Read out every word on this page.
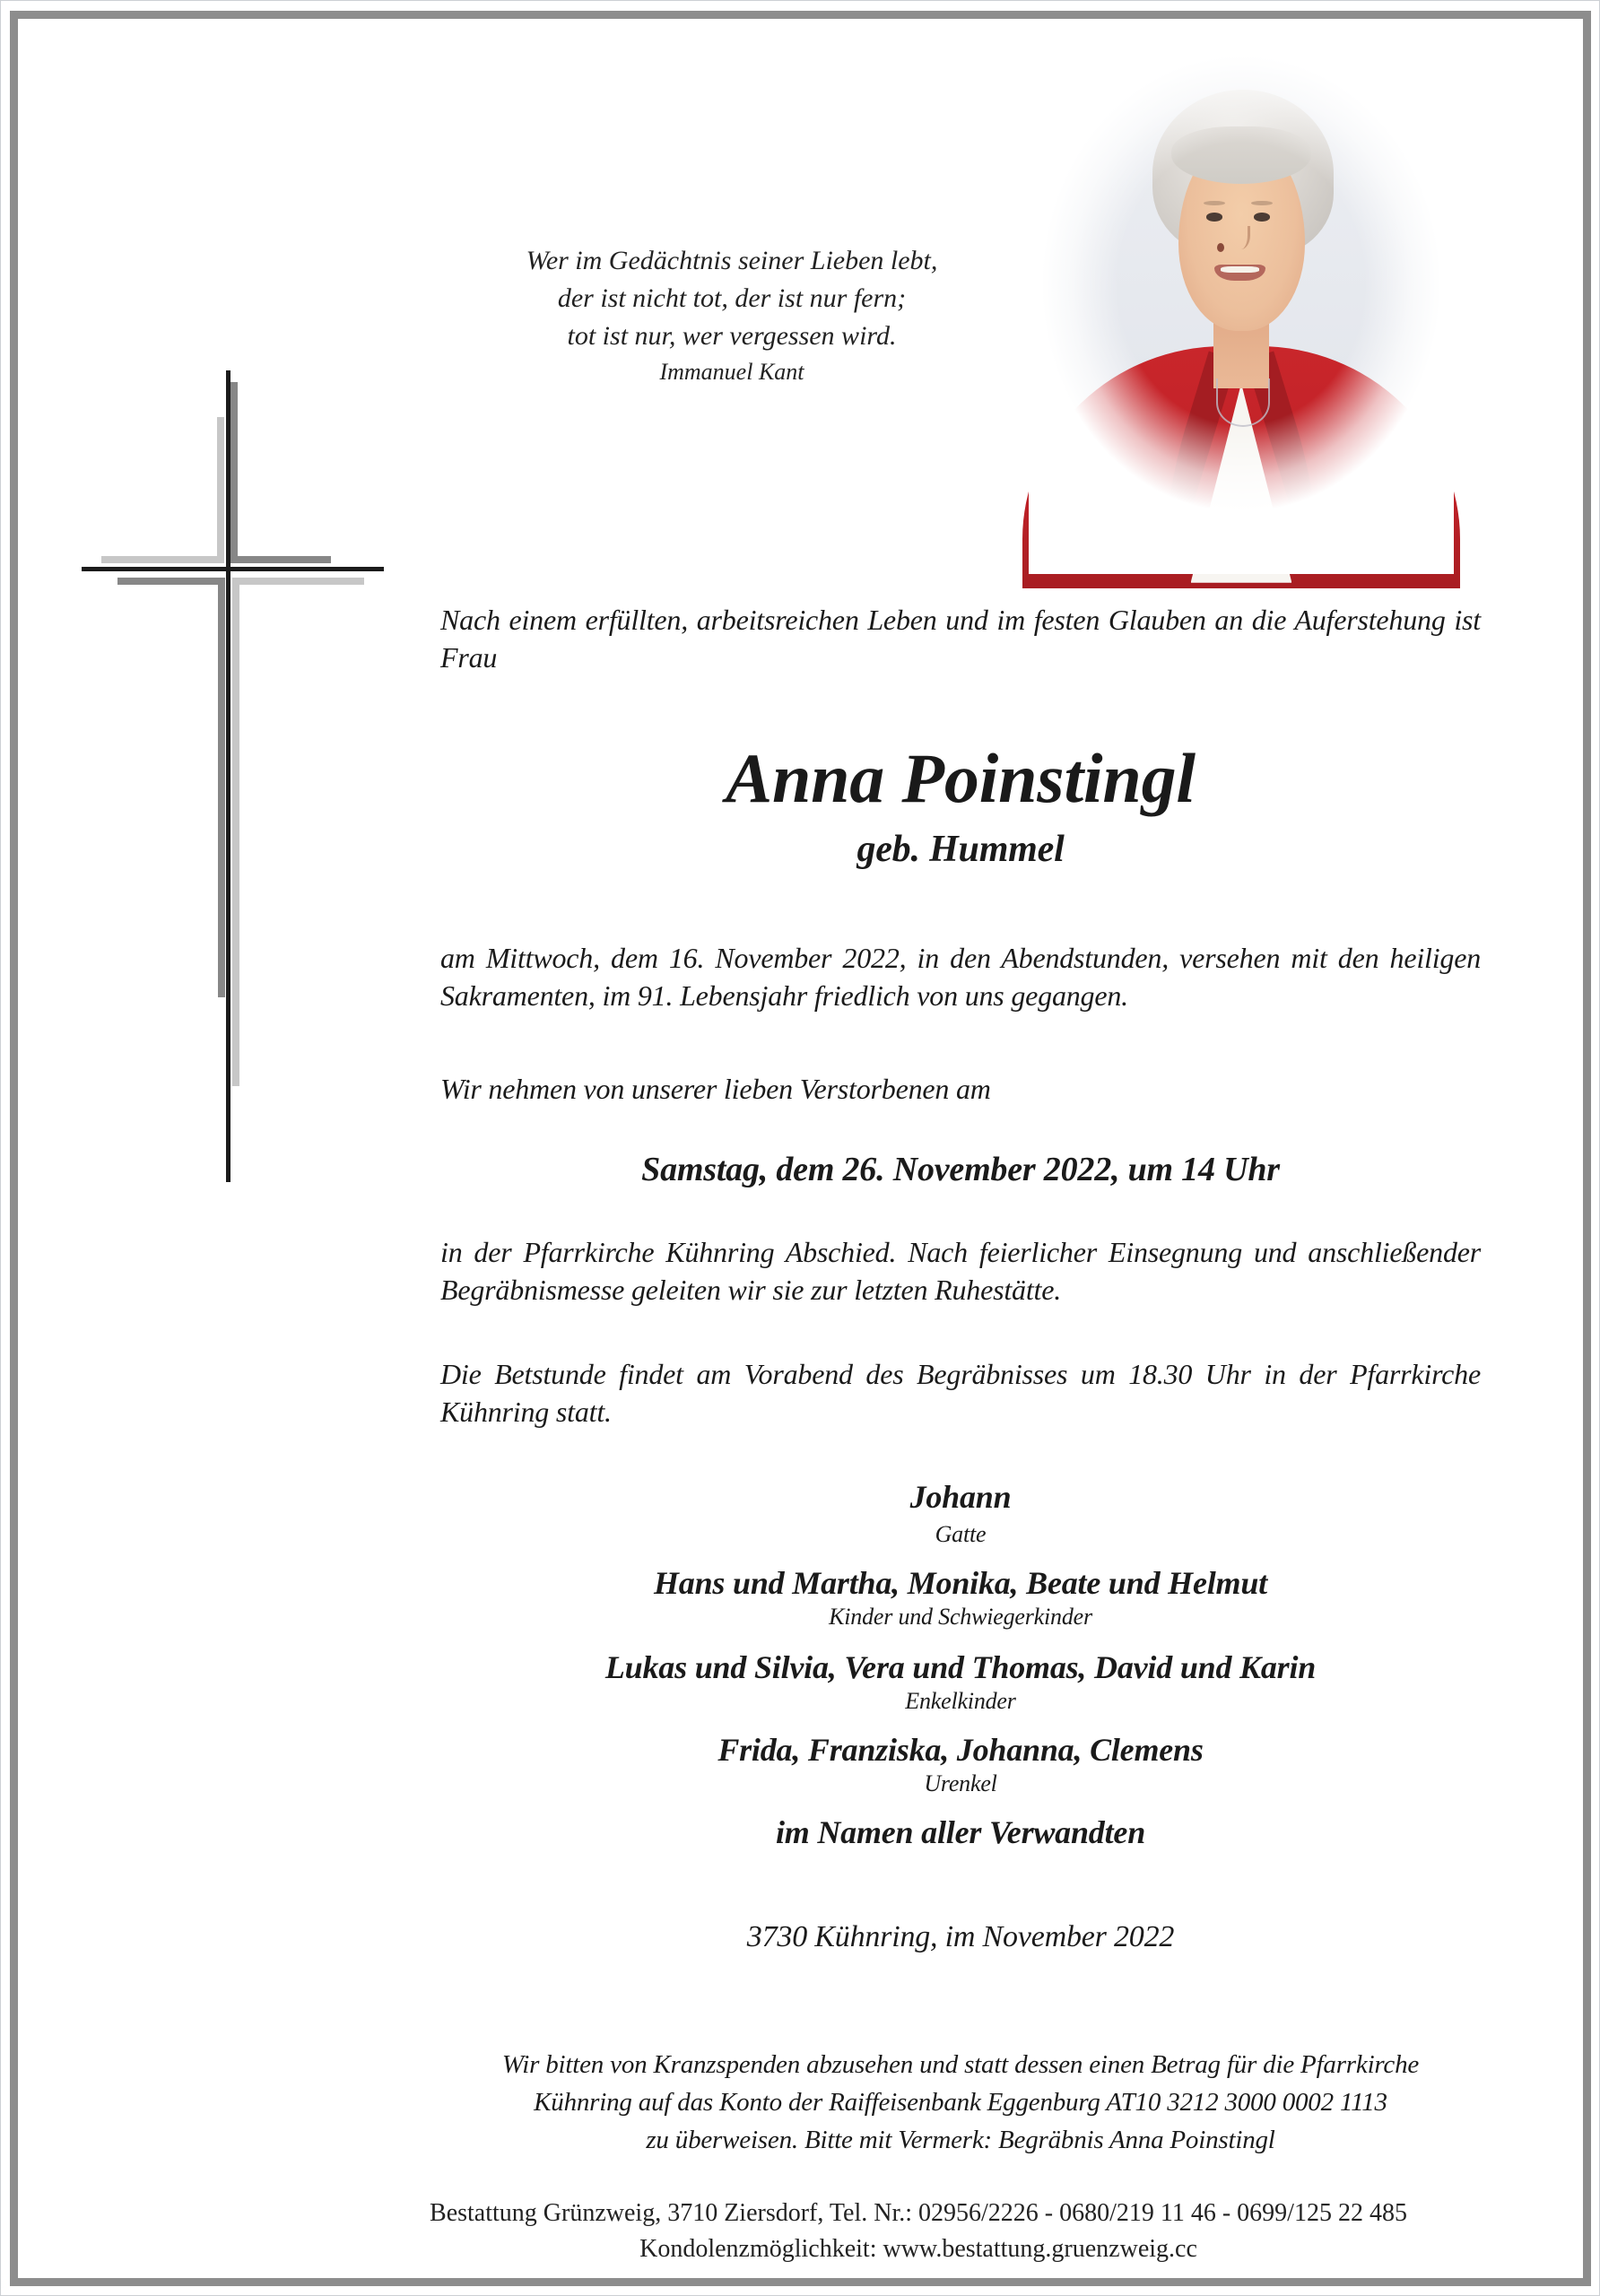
Wer im Gedächtnis seiner Lieben lebt,
der ist nicht tot, der ist nur fern;
tot ist nur, wer vergessen wird.
Immanuel Kant
Nach einem erfüllten, arbeitsreichen Leben und im festen Glauben an die Auferstehung ist Frau
Anna Poinstingl
geb. Hummel
am Mittwoch, dem 16. November 2022, in den Abendstunden, versehen mit den heiligen Sakramenten, im 91. Lebensjahr friedlich von uns gegangen.
Wir nehmen von unserer lieben Verstorbenen am
Samstag, dem 26. November 2022, um 14 Uhr
in der Pfarrkirche Kühnring Abschied. Nach feierlicher Einsegnung und anschließender Begräbnismesse geleiten wir sie zur letzten Ruhestätte.
Die Betstunde findet am Vorabend des Begräbnisses um 18.30 Uhr in der Pfarrkirche Kühnring statt.
Johann
Gatte
Hans und Martha, Monika, Beate und Helmut
Kinder und Schwiegerkinder
Lukas und Silvia, Vera und Thomas, David und Karin
Enkelkinder
Frida, Franziska, Johanna, Clemens
Urenkel
im Namen aller Verwandten
3730 Kühnring, im November 2022
Wir bitten von Kranzspenden abzusehen und statt dessen einen Betrag für die Pfarrkirche
Kühnring auf das Konto der Raiffeisenbank Eggenburg AT10 3212 3000 0002 1113
zu überweisen. Bitte mit Vermerk: Begräbnis Anna Poinstingl
Bestattung Grünzweig, 3710 Ziersdorf, Tel. Nr.: 02956/2226 - 0680/219 11 46 - 0699/125 22 485
Kondolenzmöglichkeit: www.bestattung.gruenzweig.cc
